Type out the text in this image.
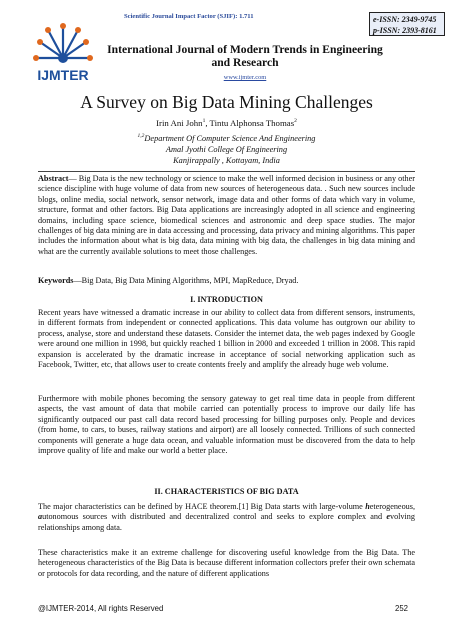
Scientific Journal Impact Factor (SJIF): 1.711	e-ISSN: 2349-9745
p-ISSN: 2393-8161
IJMTER
International Journal of Modern Trends in Engineering
and Research
www.ijmter.com
A Survey on Big Data Mining Challenges
Irin Ani John$^1$, Tintu Alphonsa Thomas$^2$
$^{1,2}$Department Of Computer Science And Engineering
Amal Jyothi College Of Engineering
Kanjirappally , Kottayam, India
Abstract— Big Data is the new technology or science to make the well informed decision in business or any other science discipline with huge volume of data from new sources of heterogeneous data. . Such new sources include blogs, online media, social network, sensor network, image data and other forms of data which vary in volume, structure, format and other factors. Big Data applications are increasingly adopted in all science and engineering domains, including space science, biomedical sciences and astronomic and deep space studies. The major challenges of big data mining are in data accessing and processing, data privacy and mining algorithms. This paper includes the information about what is big data, data mining with big data, the challenges in big data mining and what are the currently available solutions to meet those challenges.
Keywords—Big Data, Big Data Mining Algorithms, MPI, MapReduce, Dryad.
I. INTRODUCTION
Recent years have witnessed a dramatic increase in our ability to collect data from different sensors, instruments, in different formats from independent or connected applications. This data volume has outgrown our ability to process, analyse, store and understand these datasets. Consider the internet data, the web pages indexed by Google were around one million in 1998, but quickly reached 1 billion in 2000 and exceeded 1 trillion in 2008. This rapid expansion is accelerated by the dramatic increase in acceptance of social networking application such as Facebook, Twitter, etc, that allows user to create contents freely and amplify the already huge web volume.
Furthermore with mobile phones becoming the sensory gateway to get real time data in people from different aspects, the vast amount of data that mobile carried can potentially process to improve our daily life has significantly outpaced our past call data record based processing for billing purposes only. People and devices (from home, to cars, to buses, railway stations and airport) are all loosely connected. Trillions of such connected components will generate a huge data ocean, and valuable information must be discovered from the data to help improve quality of life and make our world a better place.
II. CHARACTERISTICS OF BIG DATA
The major characteristics can be defined by HACE theorem.[1] Big Data starts with large-volume heterogeneous, autonomous sources with distributed and decentralized control and seeks to explore complex and evolving relationships among data.
These characteristics make it an extreme challenge for discovering useful knowledge from the Big Data. The heterogeneous characteristics of the Big Data is because different information collectors prefer their own schemata or protocols for data recording, and the nature of different applications
@IJMTER-2014, All rights Reserved	252
